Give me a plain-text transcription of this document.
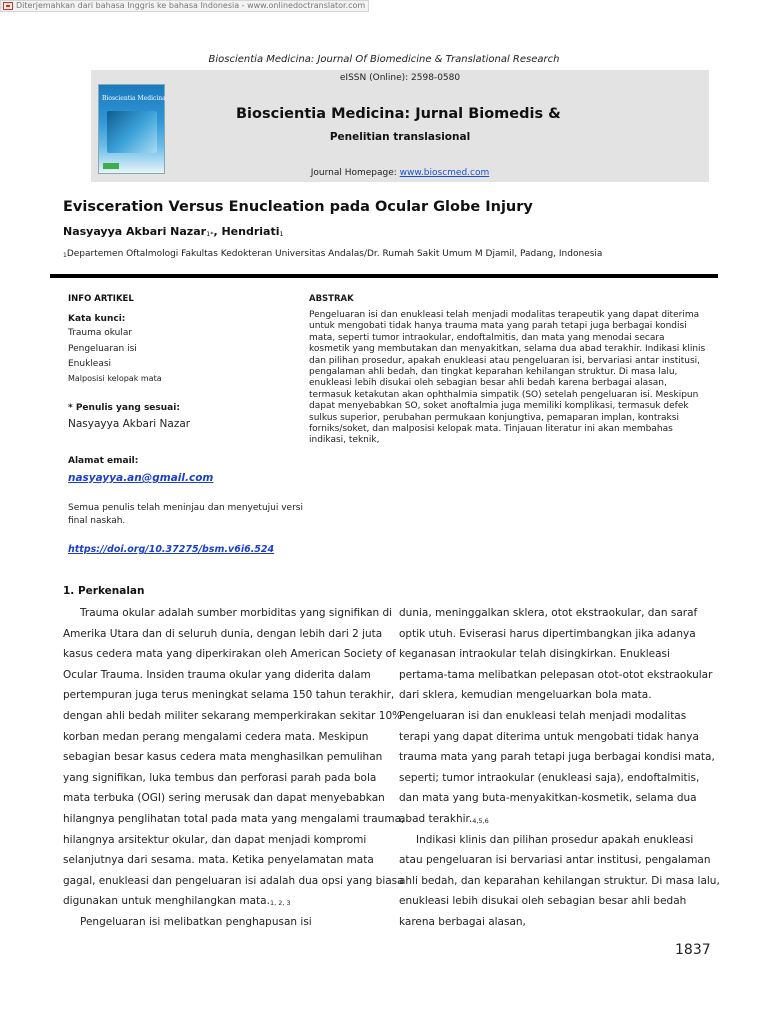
Diterjemahkan dari bahasa Inggris ke bahasa Indonesia - www.onlinedoctranslator.com
Bioscientia Medicina: Journal Of Biomedicine & Translational Research
Bioscientia Medicina
eISSN (Online): 2598-0580
Bioscientia Medicina: Jurnal Biomedis &
Penelitian translasional
Journal Homepage: www.bioscmed.com
Evisceration Versus Enucleation pada Ocular Globe Injury
Nasyayya Akbari Nazar1*, Hendriati1
1Departemen Oftalmologi Fakultas Kedokteran Universitas Andalas/Dr. Rumah Sakit Umum M Djamil, Padang, Indonesia
INFO ARTIKEL
Kata kunci:
Trauma okular
Pengeluaran isi
Enukleasi
Malposisi kelopak mata
* Penulis yang sesuai:
Nasyayya Akbari Nazar
Alamat email:
nasyayya.an@gmail.com
Semua penulis telah meninjau dan menyetujui versi final naskah.
https://doi.org/10.37275/bsm.v6i6.524
ABSTRAK
Pengeluaran isi dan enukleasi telah menjadi modalitas terapeutik yang dapat diterima untuk mengobati tidak hanya trauma mata yang parah tetapi juga berbagai kondisi mata, seperti tumor intraokular, endoftalmitis, dan mata yang menodai secara kosmetik yang membutakan dan menyakitkan, selama dua abad terakhir. Indikasi klinis dan pilihan prosedur, apakah enukleasi atau pengeluaran isi, bervariasi antar institusi, pengalaman ahli bedah, dan tingkat keparahan kehilangan struktur. Di masa lalu, enukleasi lebih disukai oleh sebagian besar ahli bedah karena berbagai alasan, termasuk ketakutan akan ophthalmia simpatik (SO) setelah pengeluaran isi. Meskipun dapat menyebabkan SO, soket anoftalmia juga memiliki komplikasi, termasuk defek sulkus superior, perubahan permukaan konjungtiva, pemaparan implan, kontraksi forniks/soket, dan malposisi kelopak mata. Tinjauan literatur ini akan membahas indikasi, teknik,
1. Perkenalan
Trauma okular adalah sumber morbiditas yang signifikan di
Amerika Utara dan di seluruh dunia, dengan lebih dari 2 juta
kasus cedera mata yang diperkirakan oleh American Society of
Ocular Trauma. Insiden trauma okular yang diderita dalam
pertempuran juga terus meningkat selama 150 tahun terakhir,
dengan ahli bedah militer sekarang memperkirakan sekitar 10%
korban medan perang mengalami cedera mata. Meskipun
sebagian besar kasus cedera mata menghasilkan pemulihan
yang signifikan, luka tembus dan perforasi parah pada bola
mata terbuka (OGI) sering merusak dan dapat menyebabkan
hilangnya penglihatan total pada mata yang mengalami trauma,
hilangnya arsitektur okular, dan dapat menjadi kompromi
selanjutnya dari sesama. mata. Ketika penyelamatan mata
gagal, enukleasi dan pengeluaran isi adalah dua opsi yang biasa
digunakan untuk menghilangkan mata.1, 2, 3
Pengeluaran isi melibatkan penghapusan isi
dunia, meninggalkan sklera, otot ekstraokular, dan saraf
optik utuh. Eviserasi harus dipertimbangkan jika adanya
keganasan intraokular telah disingkirkan. Enukleasi
pertama-tama melibatkan pelepasan otot-otot ekstraokular
dari sklera, kemudian mengeluarkan bola mata.
Pengeluaran isi dan enukleasi telah menjadi modalitas
terapi yang dapat diterima untuk mengobati tidak hanya
trauma mata yang parah tetapi juga berbagai kondisi mata,
seperti; tumor intraokular (enukleasi saja), endoftalmitis,
dan mata yang buta-menyakitkan-kosmetik, selama dua
abad terakhir.4,5,6
Indikasi klinis dan pilihan prosedur apakah enukleasi
atau pengeluaran isi bervariasi antar institusi, pengalaman
ahli bedah, dan keparahan kehilangan struktur. Di masa lalu,
enukleasi lebih disukai oleh sebagian besar ahli bedah
karena berbagai alasan,
1837
